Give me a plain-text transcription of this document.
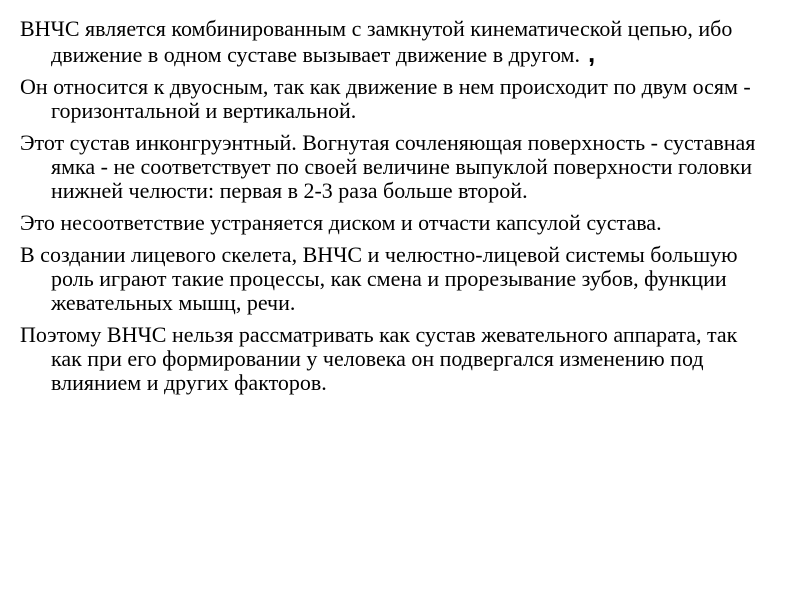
ВНЧС является комбинированным с замкнутой кинематической цепью, ибо движение в одном суставе вызывает движение в другом. ,

Он относится к двуосным, так как движение в нем происходит по двум осям - горизонтальной и вертикальной.

Этот сустав инконгруэнтный. Вогнутая сочленяющая поверхность - суставная ямка - не соответствует по своей величине выпуклой поверхности головки нижней челюсти: первая в 2-3 раза больше второй.

Это несоответствие устраняется диском и отчасти капсулой сустава.

В создании лицевого скелета, ВНЧС и челюстно-лицевой системы большую роль играют такие процессы, как смена и прорезывание зубов, функции жевательных мышц, речи.

Поэтому ВНЧС нельзя рассматривать как сустав жевательного аппарата, так как при его формировании у человека он подвергался изменению под влиянием и других факторов.
